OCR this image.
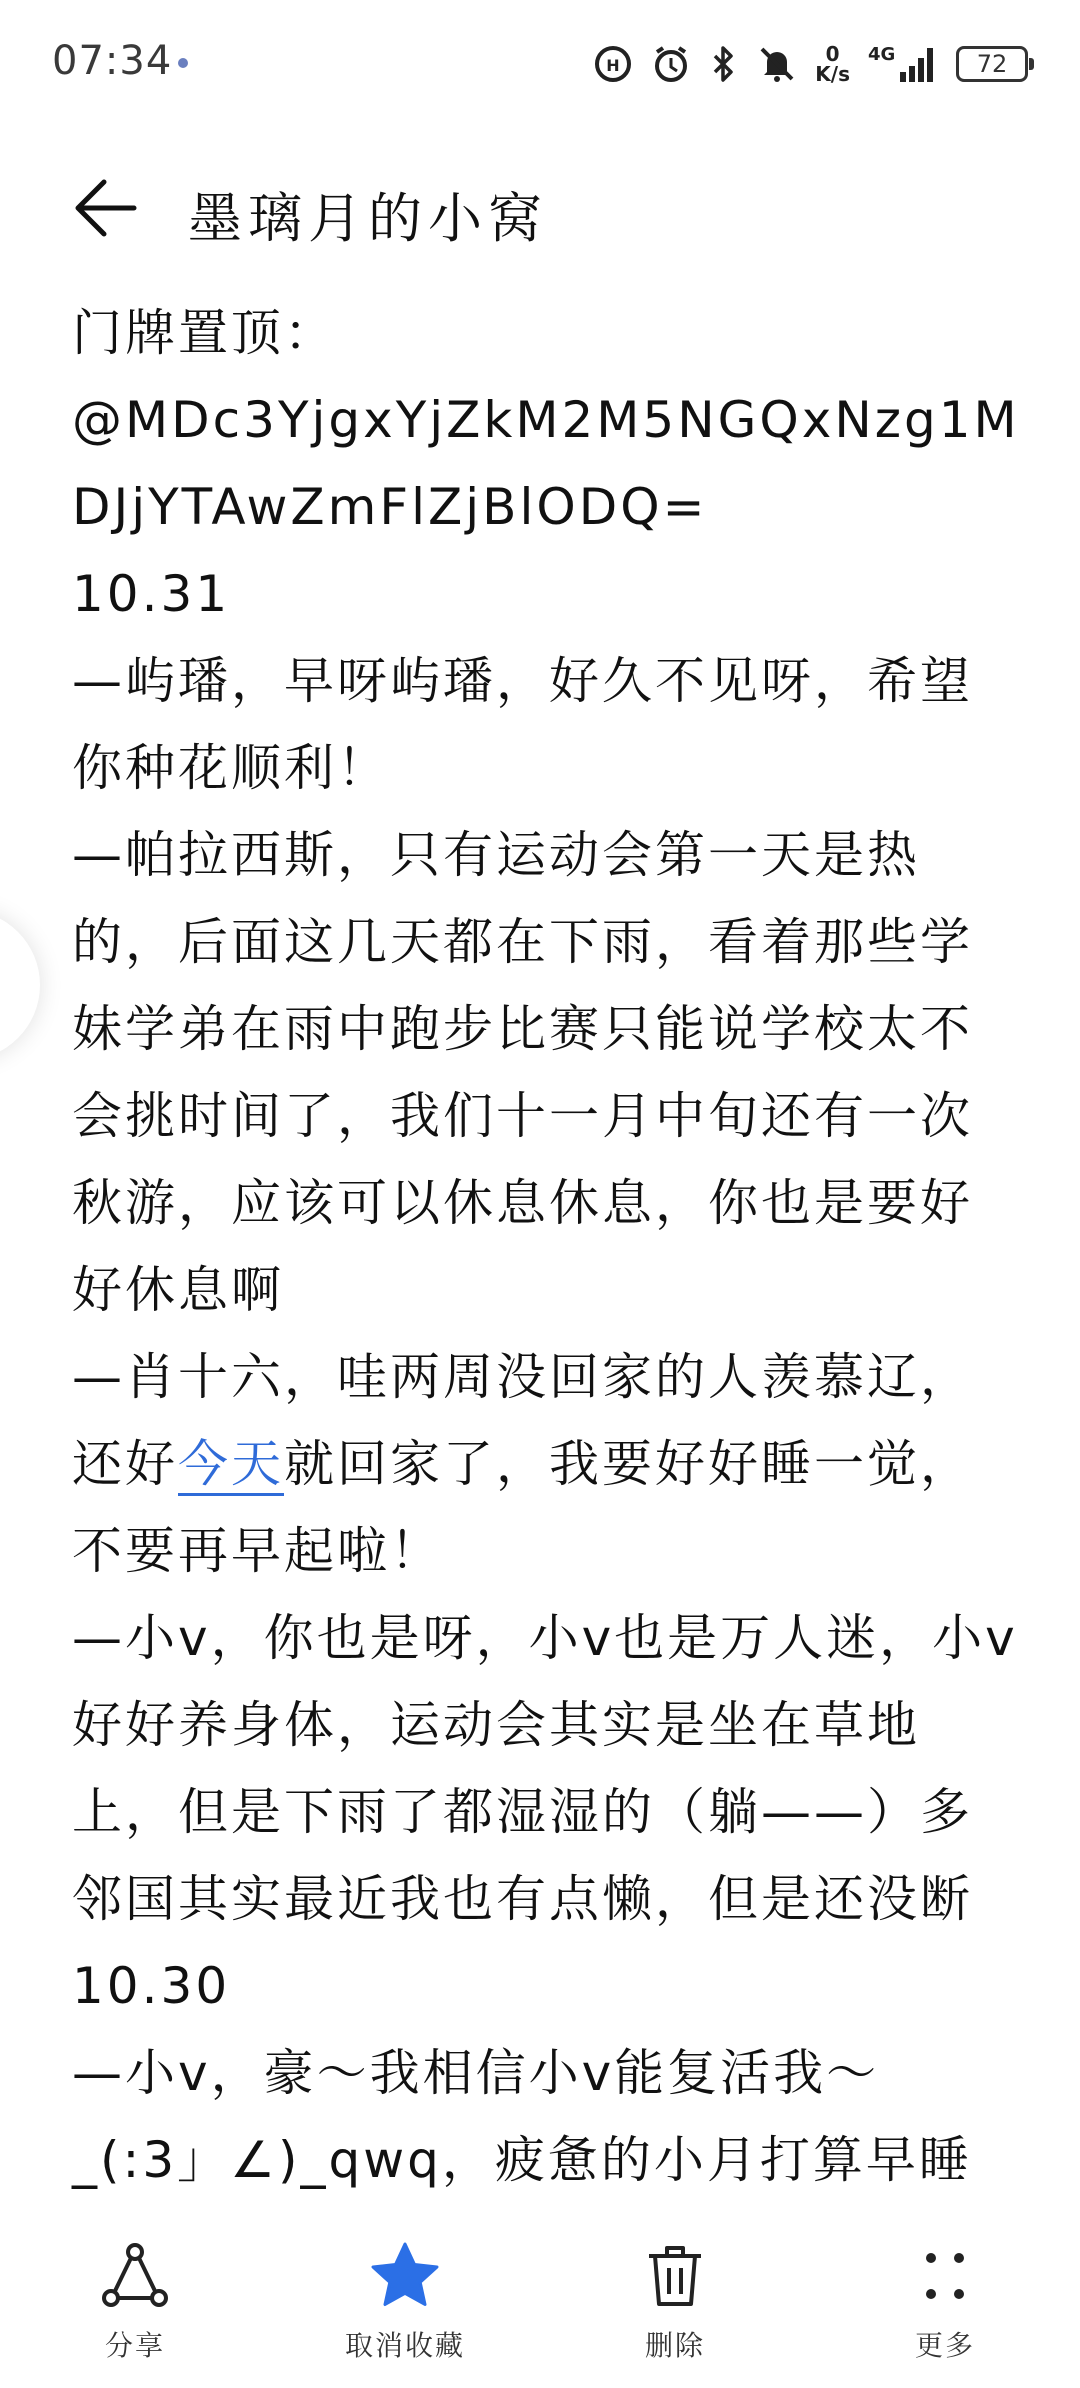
07:34	H	0
K/s
4G	72
墨璃月的小窝

门牌置顶：

@MDc3YjgxYjZkM2M5NGQxNzg1MDJjYTAwZmFlZjBlODQ=

10.31

—屿璠，早呀屿璠，好久不见呀，希望你种花顺利！

—帕拉西斯，只有运动会第一天是热的，后面这几天都在下雨，看着那些学妹学弟在雨中跑步比赛只能说学校太不会挑时间了，我们十一月中旬还有一次秋游，应该可以休息休息，你也是要好好休息啊

—肖十六，哇两周没回家的人羡慕辽，
还好今天就回家了，我要好好睡一觉，不要再早起啦！

—小v，你也是呀，小v也是万人迷，小v好好养身体，运动会其实是坐在草地上，但是下雨了都湿湿的（躺——）多邻国其实最近我也有点懒，但是还没断

10.30

—小v，豪～我相信小v能复活我～

_(:3」∠)_qwq，疲惫的小月打算早睡

分享	取消收藏	删除	更多
